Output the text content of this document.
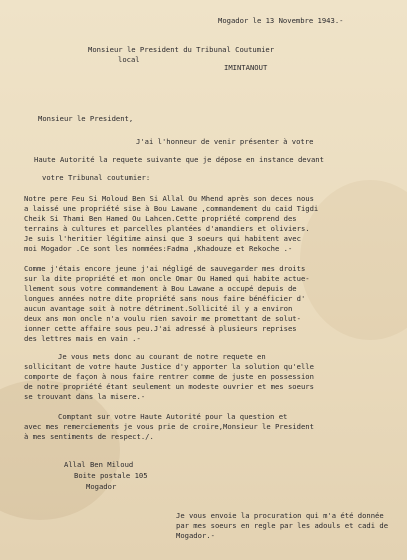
Mogador le 13 Novembre 1943.-
Monsieur le President du Tribunal Coutumier
local
IMINTANOUT
Monsieur le President,
J'ai l'honneur de venir présenter à votre
Haute Autorité la requete suivante que je dépose en instance devant
votre Tribunal coutumier:
Notre pere Feu Si Moloud Ben Si Allal Ou Mhend après son deces nous
a laissé une propriété sise à Bou Lawane ,commandement du caid Tigdi
Cheik Si Thami Ben Hamed Ou Lahcen.Cette propriété comprend des
terrains à cultures et parcelles plantées d'amandiers et oliviers.
Je suis l'heritier légitime ainsi que 3 soeurs qui habitent avec
moi Mogador .Ce sont les nommées:Fadma ,Khadouze et Rekoche .-
Comme j'étais encore jeune j'ai négligé de sauvegarder mes droits
sur la dite propriété et mon oncle Omar Ou Hamed qui habite actue-
llement sous votre commandement à Bou Lawane a occupé depuis de
longues années notre dite propriété sans nous faire bénéficier d'
aucun avantage soit à notre détriment.Sollicité il y a environ
deux ans mon oncle n'a voulu rien savoir me promettant de solut-
ionner cette affaire sous peu.J'ai adressé à plusieurs reprises
des lettres mais en vain .-
Je vous mets donc au courant de notre requete en
sollicitant de votre haute Justice d'y apporter la solution qu'elle
comporte de façon à nous faire rentrer comme de juste en possession
de notre propriété étant seulement un modeste ouvrier et mes soeurs
se trouvant dans la misere.-
Comptant sur votre Haute Autorité pour la question et
avec mes remerciements je vous prie de croire,Monsieur le President
à mes sentiments de respect./.
Allal Ben Miloud
Boite postale 105
Mogador
Je vous envoie la procuration qui m'a été donnée
par mes soeurs en regle par les adouls et cadi de
Mogador.-
